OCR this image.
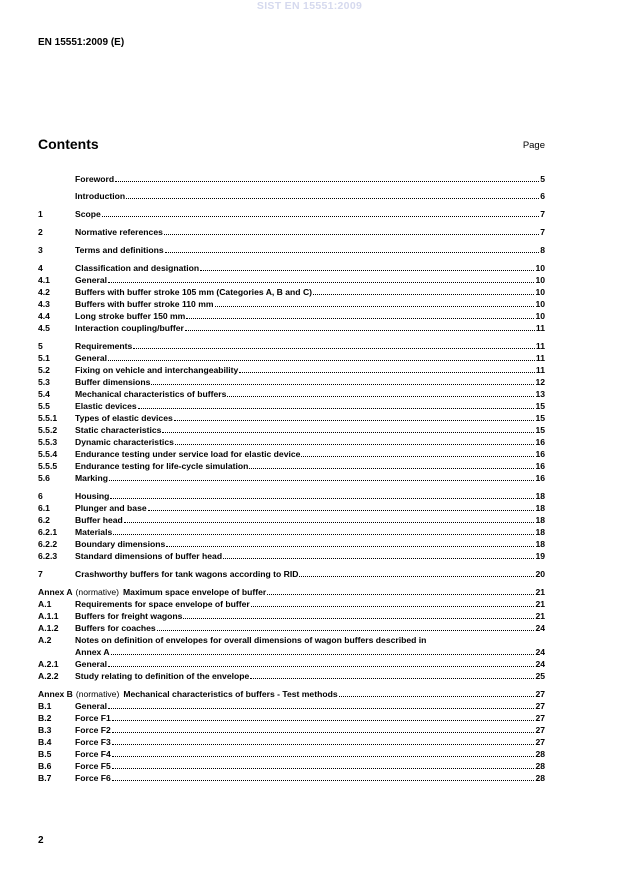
SIST EN 15551:2009
EN 15551:2009 (E)
Contents	Page
Foreword	5
Introduction	6
1	Scope	7
2	Normative references	7
3	Terms and definitions	8
4	Classification and designation	10
4.1	General	10
4.2	Buffers with buffer stroke 105 mm (Categories A, B and C)	10
4.3	Buffers with buffer stroke 110 mm	10
4.4	Long stroke buffer 150 mm	10
4.5	Interaction coupling/buffer	11
5	Requirements	11
5.1	General	11
5.2	Fixing on vehicle and interchangeability	11
5.3	Buffer dimensions	12
5.4	Mechanical characteristics of buffers	13
5.5	Elastic devices	15
5.5.1	Types of elastic devices	15
5.5.2	Static characteristics	15
5.5.3	Dynamic characteristics	16
5.5.4	Endurance testing under service load for elastic device	16
5.5.5	Endurance testing for life-cycle simulation	16
5.6	Marking	16
6	Housing	18
6.1	Plunger and base	18
6.2	Buffer head	18
6.2.1	Materials	18
6.2.2	Boundary dimensions	18
6.2.3	Standard dimensions of buffer head	19
7	Crashworthy buffers for tank wagons according to RID	20
Annex A (normative) Maximum space envelope of buffer	21
A.1	Requirements for space envelope of buffer	21
A.1.1	Buffers for freight wagons	21
A.1.2	Buffers for coaches	24
A.2	Notes on definition of envelopes for overall dimensions of wagon buffers described in
Annex A	24
A.2.1	General	24
A.2.2	Study relating to definition of the envelope	25
Annex B (normative) Mechanical characteristics of buffers - Test methods	27
B.1	General	27
B.2	Force F1	27
B.3	Force F2	27
B.4	Force F3	27
B.5	Force F4	28
B.6	Force F5	28
B.7	Force F6	28
2
